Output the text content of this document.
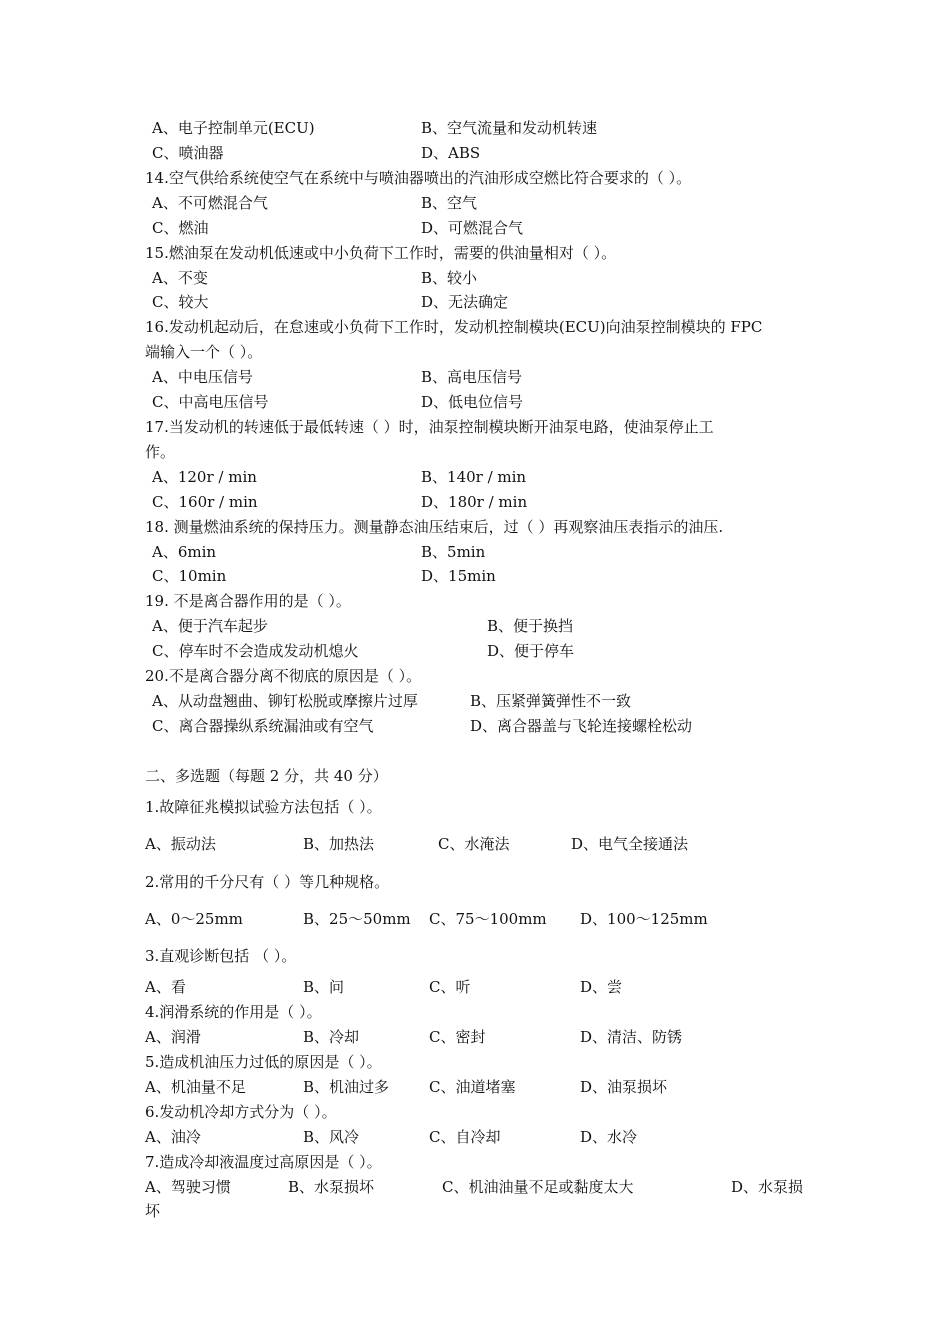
A、电子控制单元(ECU)	B、空气流量和发动机转速
C、喷油器	D、ABS
14.空气供给系统使空气在系统中与喷油器喷出的汽油形成空燃比符合要求的（ ）。
A、不可燃混合气	B、空气
C、燃油	D、可燃混合气
15.燃油泵在发动机低速或中小负荷下工作时，需要的供油量相对（ ）。
A、不变	B、较小
C、较大	D、无法确定
16.发动机起动后，在怠速或小负荷下工作时，发动机控制模块(ECU)向油泵控制模块的 FPC
端输入一个（ ）。
A、中电压信号	B、高电压信号
C、中高电压信号	D、低电位信号
17.当发动机的转速低于最低转速（ ）时，油泵控制模块断开油泵电路，使油泵停止工
作。
A、120r / min	B、140r / min
C、160r / min	D、180r / min
18. 测量燃油系统的保持压力。测量静态油压结束后，过（ ）再观察油压表指示的油压.
A、6min	B、5min
C、10min	D、15min
19. 不是离合器作用的是（ ）。
A、便于汽车起步	B、便于换挡
C、停车时不会造成发动机熄火	D、便于停车
20.不是离合器分离不彻底的原因是（ ）。
A、从动盘翘曲、铆钉松脱或摩擦片过厚	B、压紧弹簧弹性不一致
C、离合器操纵系统漏油或有空气	D、离合器盖与飞轮连接螺栓松动
二、多选题（每题 2 分，共 40 分）
1.故障征兆模拟试验方法包括（ ）。
A、振动法	B、加热法	C、水淹法	D、电气全接通法
2.常用的千分尺有（ ）等几种规格。
A、0～25mm	B、25～50mm C、75～100mm D、100～125mm
3.直观诊断包括 （ ）。
A、看	B、问	C、听	D、尝
4.润滑系统的作用是（ ）。
A、润滑	B、冷却	C、密封	D、清洁、防锈
5.造成机油压力过低的原因是（ ）。
A、机油量不足	B、机油过多	C、油道堵塞	D、油泵损坏
6.发动机冷却方式分为（ ）。
A、油冷	B、风冷	C、自冷却	D、水冷
7.造成冷却液温度过高原因是（ ）。
A、驾驶习惯	B、水泵损坏	C、机油油量不足或黏度太大	D、水泵损
坏
